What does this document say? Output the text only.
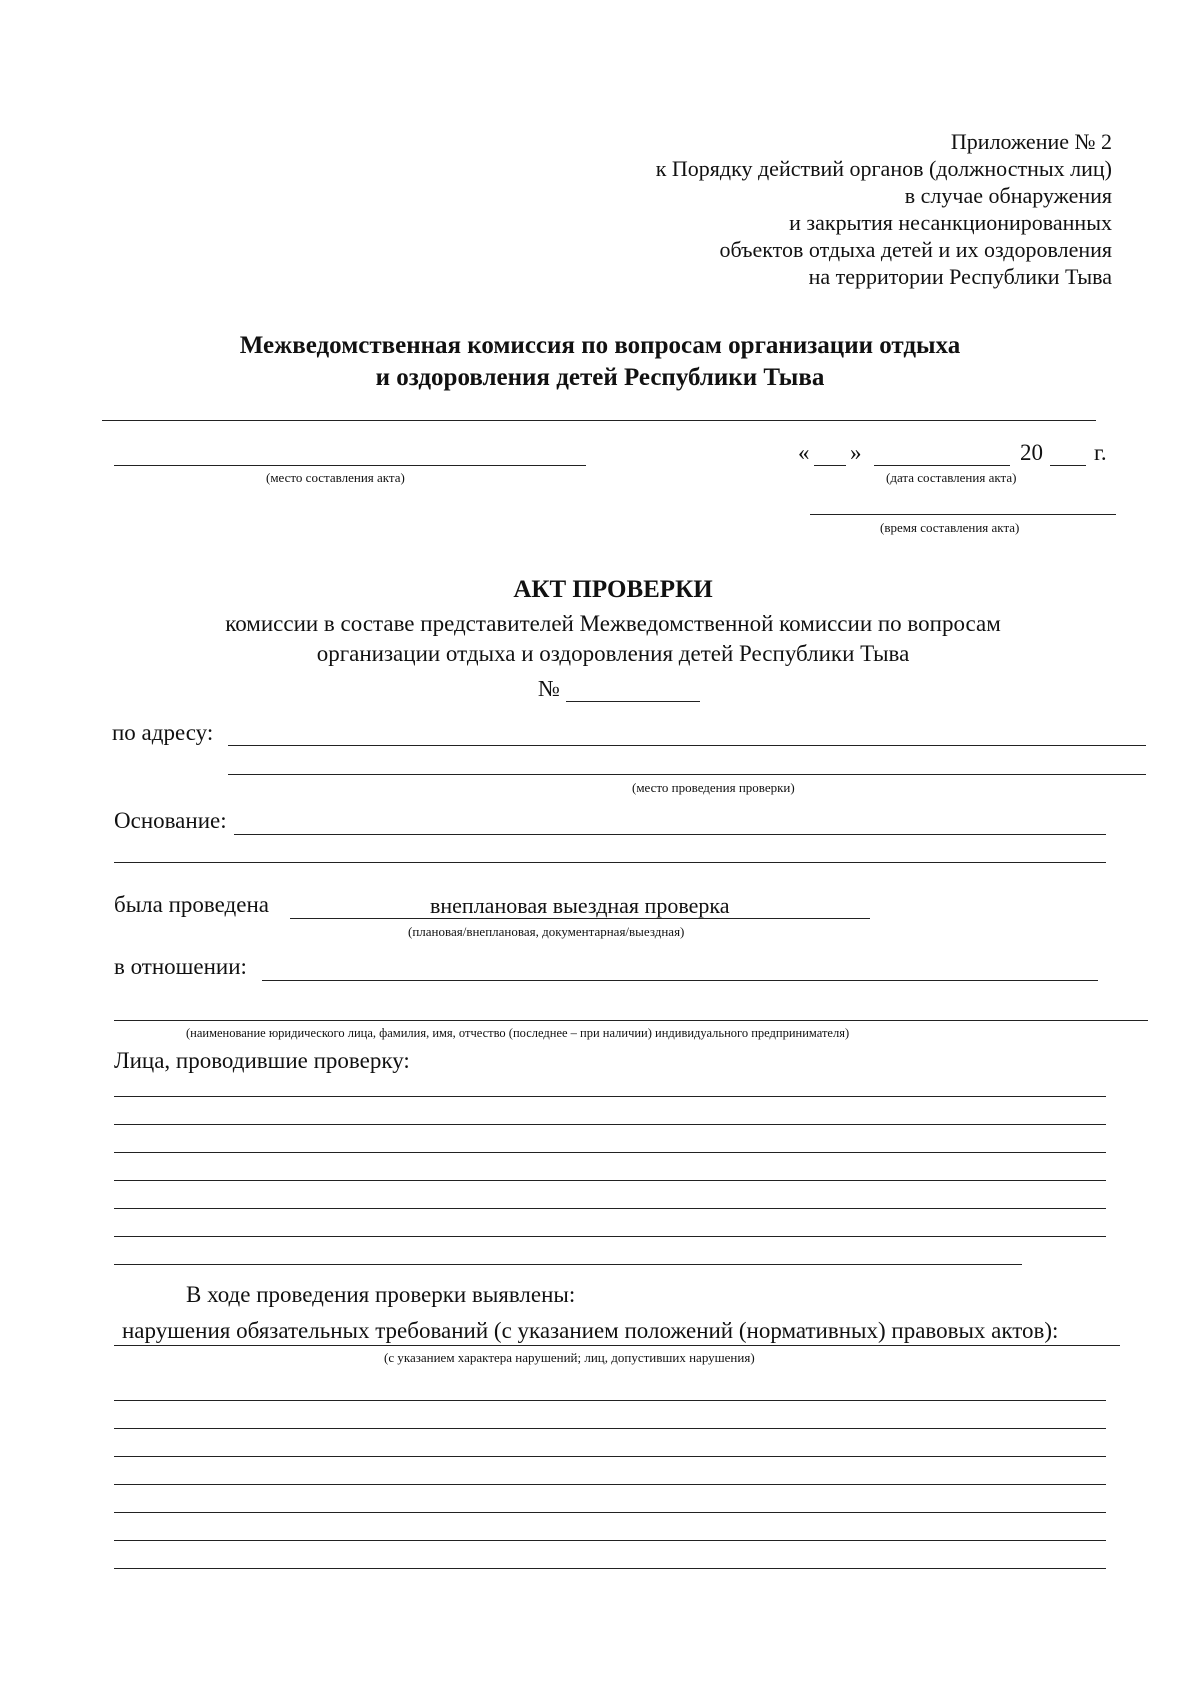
Приложение № 2
к Порядку действий органов (должностных лиц)
в случае обнаружения
и закрытия несанкционированных
объектов отдыха детей и их оздоровления
на территории Республики Тыва
Межведомственная комиссия по вопросам организации отдыха
и оздоровления детей Республики Тыва
(место составления акта)
« »	20 г.
(дата составления акта)
(время составления акта)
АКТ ПРОВЕРКИ
комиссии в составе представителей Межведомственной комиссии по вопросам
организации отдыха и оздоровления детей Республики Тыва
№
по адресу:
(место проведения проверки)
Основание:
была проведена	внеплановая выездная проверка
(плановая/внеплановая, документарная/выездная)
в отношении:
(наименование юридического лица, фамилия, имя, отчество (последнее – при наличии) индивидуального предпринимателя)
Лица, проводившие проверку:
В ходе проведения проверки выявлены:
нарушения обязательных требований (с указанием положений (нормативных) правовых актов):
(с указанием характера нарушений; лиц, допустивших нарушения)
